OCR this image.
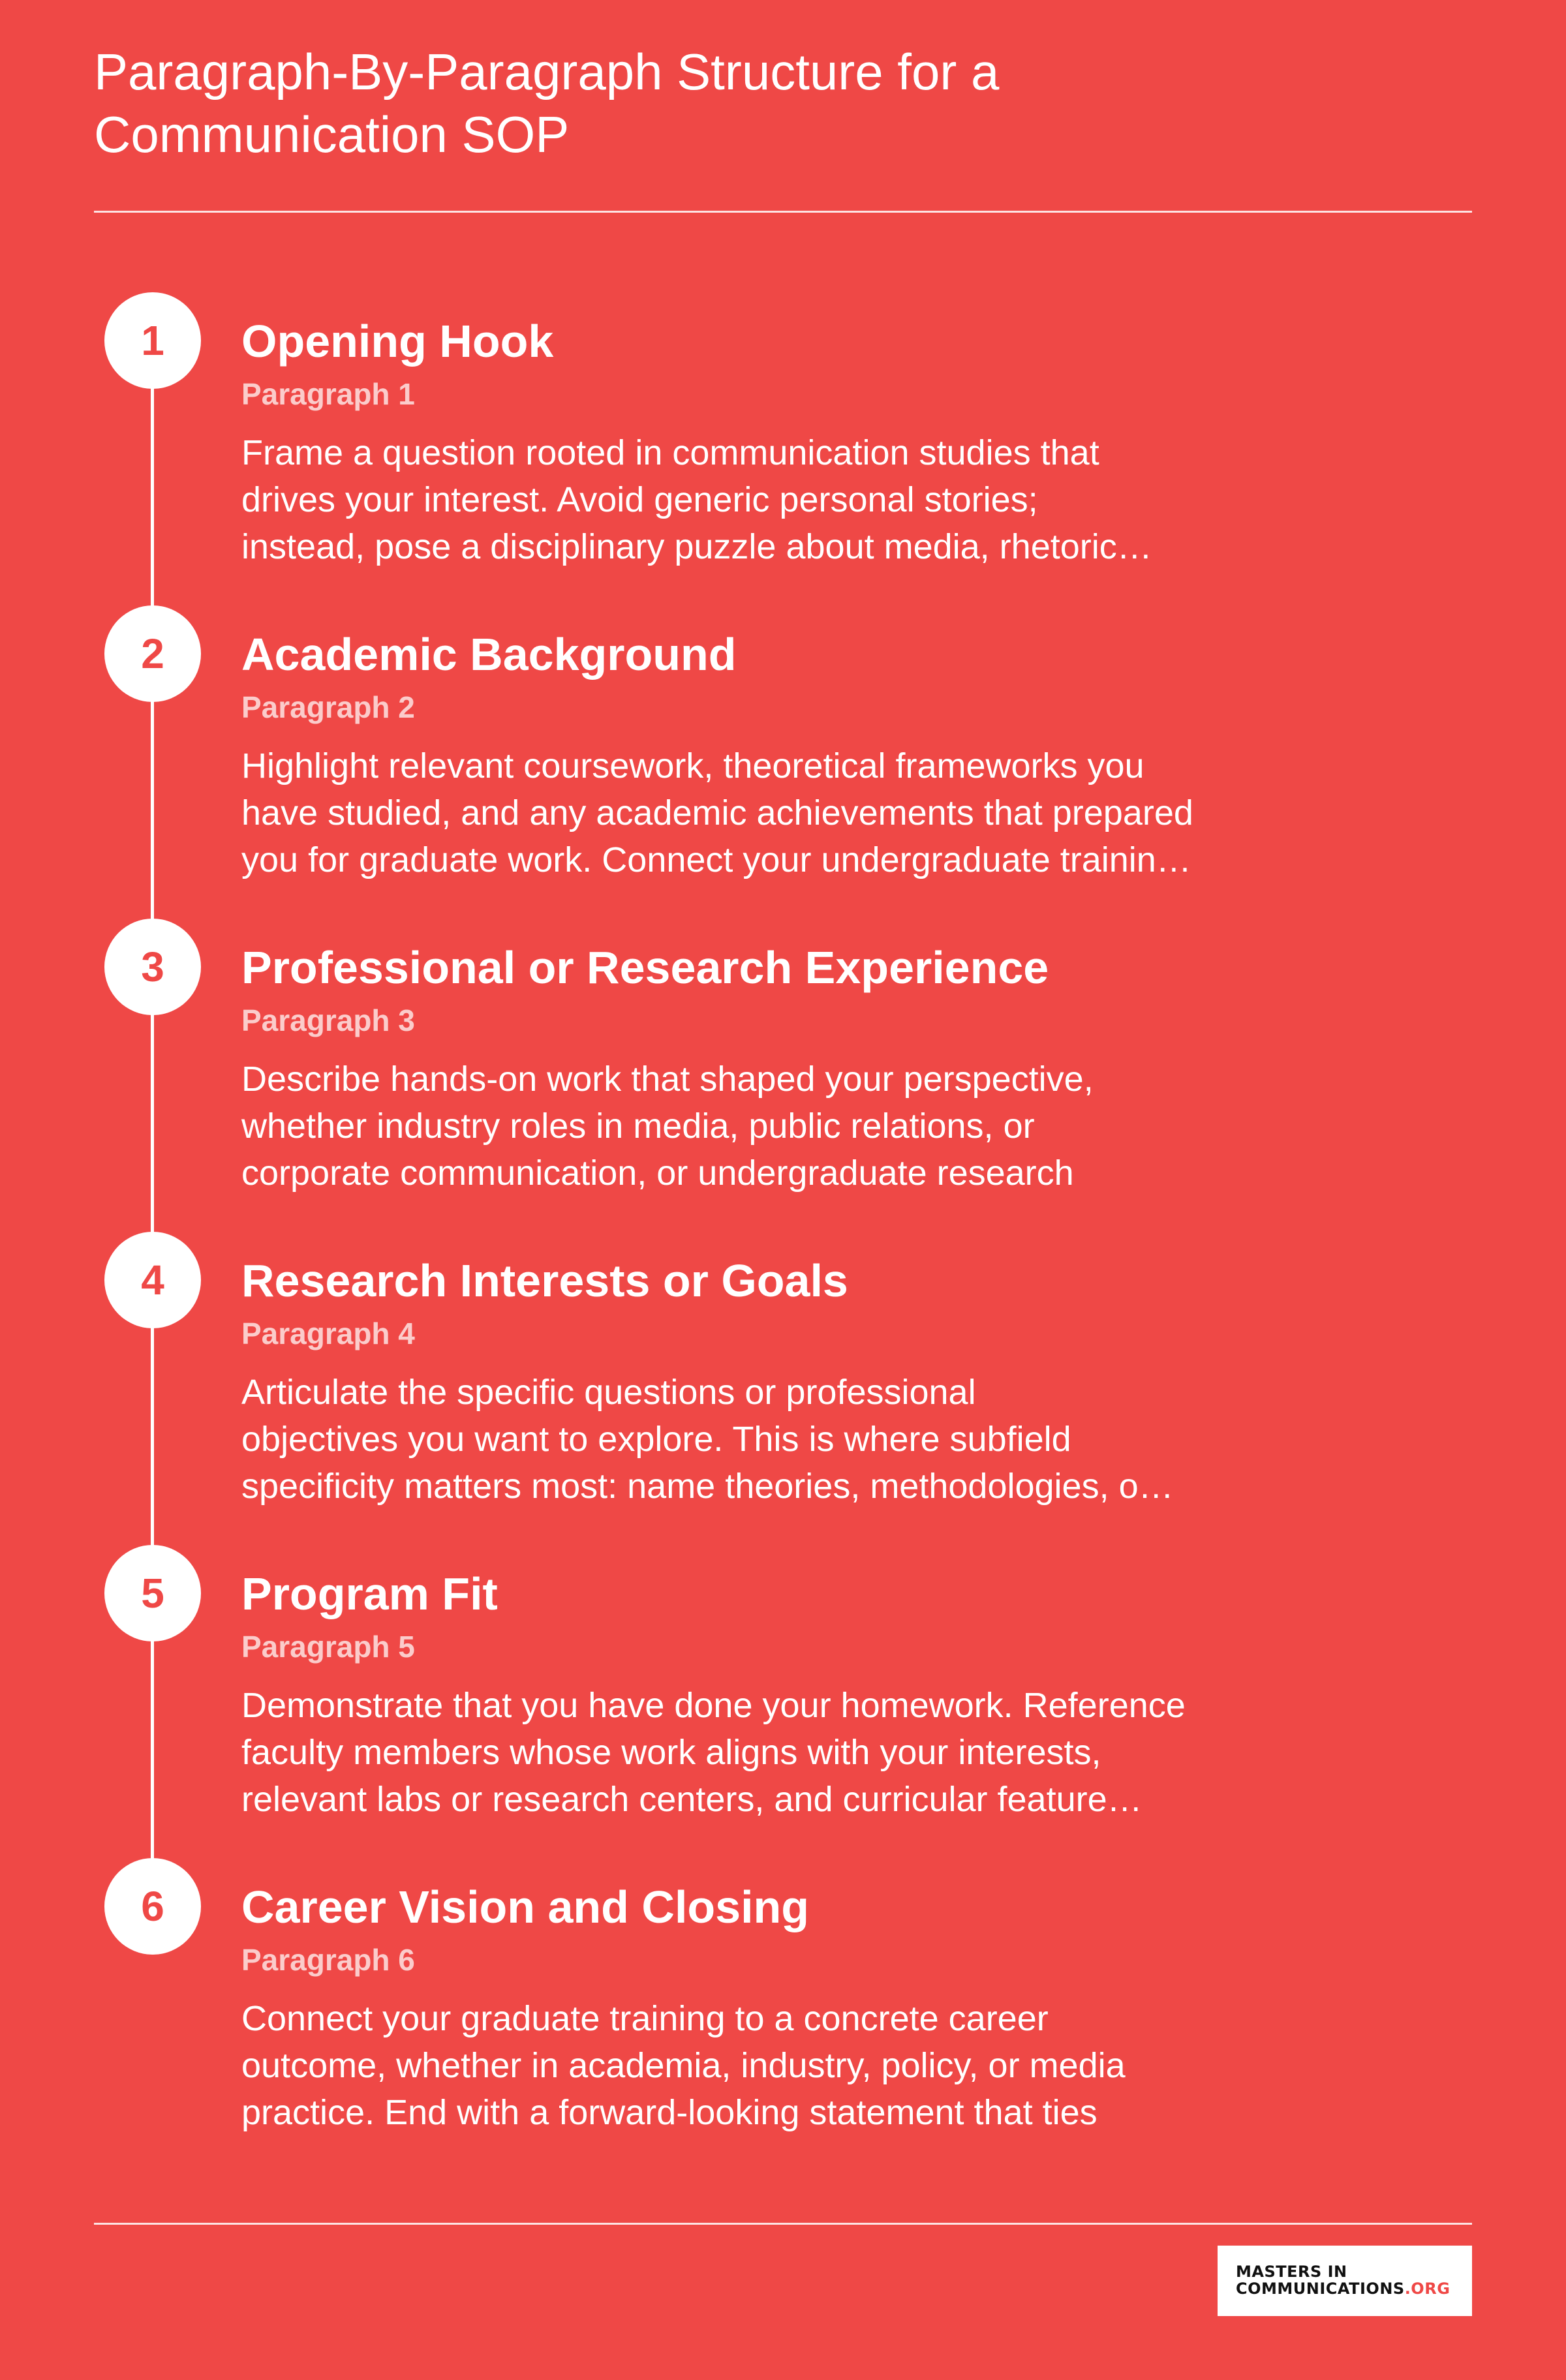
Paragraph-By-Paragraph Structure for a
Communication SOP
1	Opening Hook
Paragraph 1
Frame a question rooted in communication studies that
drives your interest. Avoid generic personal stories;
instead, pose a disciplinary puzzle about media, rhetoric…
2	Academic Background
Paragraph 2
Highlight relevant coursework, theoretical frameworks you
have studied, and any academic achievements that prepared
you for graduate work. Connect your undergraduate trainin…
3	Professional or Research Experience
Paragraph 3
Describe hands-on work that shaped your perspective,
whether industry roles in media, public relations, or
corporate communication, or undergraduate research
4	Research Interests or Goals
Paragraph 4
Articulate the specific questions or professional
objectives you want to explore. This is where subfield
specificity matters most: name theories, methodologies, o…
5	Program Fit
Paragraph 5
Demonstrate that you have done your homework. Reference
faculty members whose work aligns with your interests,
relevant labs or research centers, and curricular feature…
6	Career Vision and Closing
Paragraph 6
Connect your graduate training to a concrete career
outcome, whether in academia, industry, policy, or media
practice. End with a forward-looking statement that ties
MASTERS IN
COMMUNICATIONS.ORG
